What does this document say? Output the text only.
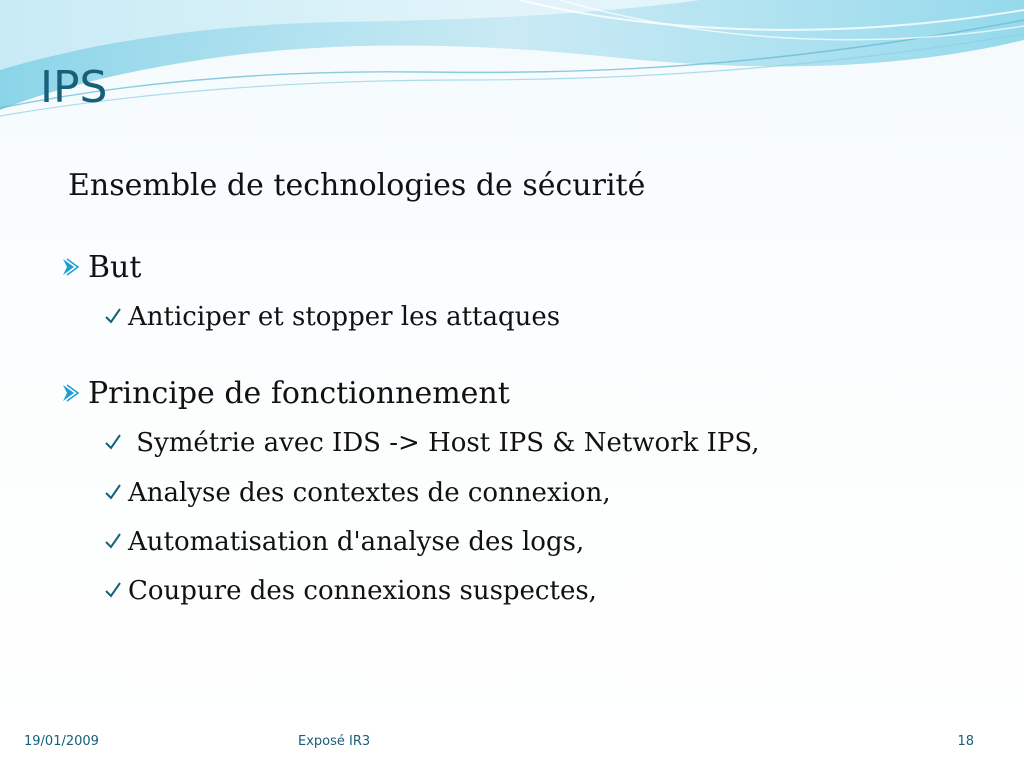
IPS
Ensemble de technologies de sécurité
But
Anticiper et stopper les attaques
Principe de fonctionnement
Symétrie avec IDS -> Host IPS & Network IPS,
Analyse des contextes de connexion,
Automatisation d'analyse des logs,
Coupure des connexions suspectes,
19/01/2009	Exposé IR3	18
